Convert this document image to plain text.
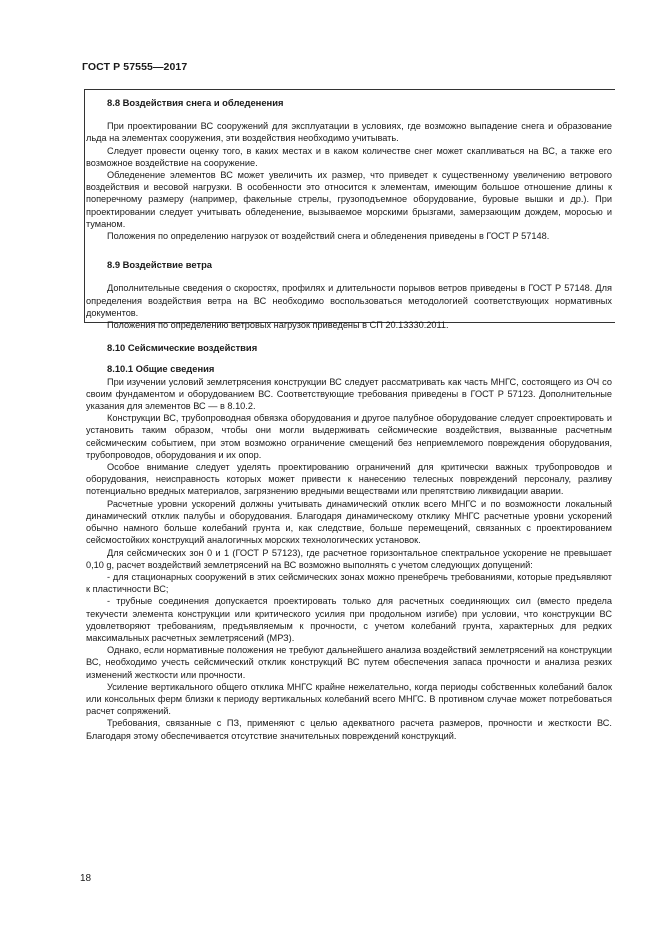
ГОСТ Р 57555—2017
8.8 Воздействия снега и обледенения

При проектировании ВС сооружений для эксплуатации в условиях, где возможно выпадение снега и образование льда на элементах сооружения, эти воздействия необходимо учитывать.

Следует провести оценку того, в каких местах и в каком количестве снег может скапливаться на ВС, а также его возможное воздействие на сооружение.

Обледенение элементов ВС может увеличить их размер, что приведет к существенному увеличению ветрового воздействия и весовой нагрузки. В особенности это относится к элементам, имеющим большое отношение длины к поперечному размеру (например, факельные стрелы, грузоподъемное оборудование, буровые вышки и др.). При проектировании следует учитывать обледенение, вызываемое морскими брызгами, замерзающим дождем, моросью и туманом.

Положения по определению нагрузок от воздействий снега и обледенения приведены в ГОСТ Р 57148.

8.9 Воздействие ветра

Дополнительные сведения о скоростях, профилях и длительности порывов ветров приведены в ГОСТ Р 57148. Для определения воздействия ветра на ВС необходимо воспользоваться методологией соответствующих нормативных документов.

Положения по определению ветровых нагрузок приведены в СП 20.13330.2011.

8.10 Сейсмические воздействия
8.10.1 Общие сведения

При изучении условий землетрясения конструкции ВС следует рассматривать как часть МНГС, состоящего из ОЧ со своим фундаментом и оборудованием ВС. Соответствующие требования приведены в ГОСТ Р 57123. Дополнительные указания для элементов ВС — в 8.10.2.

Конструкции ВС, трубопроводная обвязка оборудования и другое палубное оборудование следует спроектировать и установить таким образом, чтобы они могли выдерживать сейсмические воздействия, вызванные расчетным сейсмическим событием, при этом возможно ограничение смещений без неприемлемого повреждения оборудования, трубопроводов, оборудования и их опор.

Особое внимание следует уделять проектированию ограничений для критически важных трубопроводов и оборудования, неисправность которых может привести к нанесению телесных повреждений персоналу, разливу потенциально вредных материалов, загрязнению вредными веществами или препятствию ликвидации аварии.

Расчетные уровни ускорений должны учитывать динамический отклик всего МНГС и по возможности локальный динамический отклик палубы и оборудования. Благодаря динамическому отклику МНГС расчетные уровни ускорений обычно намного больше колебаний грунта и, как следствие, больше перемещений, связанных с проектированием сейсмостойких конструкций аналогичных морских технологических установок.

Для сейсмических зон 0 и 1 (ГОСТ Р 57123), где расчетное горизонтальное спектральное ускорение не превышает 0,10 g, расчет воздействий землетрясений на ВС возможно выполнять с учетом следующих допущений:

- для стационарных сооружений в этих сейсмических зонах можно пренебречь требованиями, которые предъявляют к пластичности ВС;

- трубные соединения допускается проектировать только для расчетных соединяющих сил (вместо предела текучести элемента конструкции или критического усилия при продольном изгибе) при условии, что конструкции ВС удовлетворяют требованиям, предъявляемым к прочности, с учетом колебаний грунта, характерных для редких максимальных расчетных землетрясений (МРЗ).

Однако, если нормативные положения не требуют дальнейшего анализа воздействий землетрясений на конструкции ВС, необходимо учесть сейсмический отклик конструкций ВС путем обеспечения запаса прочности и анализа резких изменений жесткости или прочности.

Усиление вертикального общего отклика МНГС крайне нежелательно, когда периоды собственных колебаний балок или консольных ферм близки к периоду вертикальных колебаний всего МНГС. В противном случае может потребоваться расчет сопряжений.

Требования, связанные с ПЗ, применяют с целью адекватного расчета размеров, прочности и жесткости ВС. Благодаря этому обеспечивается отсутствие значительных повреждений конструкций.

18
